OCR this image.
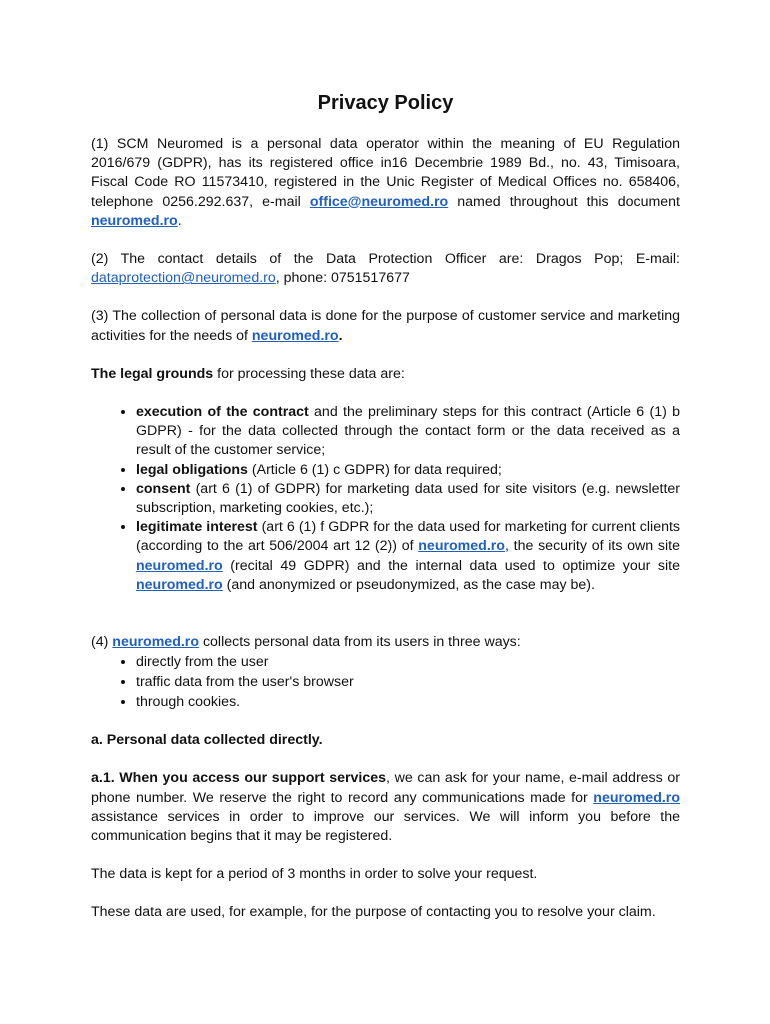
Privacy Policy

(1) SCM Neuromed is a personal data operator within the meaning of EU Regulation 2016/679 (GDPR), has its registered office in16 Decembrie 1989 Bd., no. 43, Timisoara, Fiscal Code RO 11573410, registered in the Unic Register of Medical Offices no. 658406, telephone 0256.292.637, e-mail office@neuromed.ro named throughout this document neuromed.ro.

(2) The contact details of the Data Protection Officer are: Dragos Pop; E-mail: dataprotection@neuromed.ro, phone: 0751517677

(3) The collection of personal data is done for the purpose of customer service and marketing activities for the needs of neuromed.ro.

The legal grounds for processing these data are:

• execution of the contract and the preliminary steps for this contract (Article 6 (1) b GDPR) - for the data collected through the contact form or the data received as a result of the customer service;
• legal obligations (Article 6 (1) c GDPR) for data required;
• consent (art 6 (1) of GDPR) for marketing data used for site visitors (e.g. newsletter subscription, marketing cookies, etc.);
• legitimate interest (art 6 (1) f GDPR for the data used for marketing for current clients (according to the art 506/2004 art 12 (2)) of neuromed.ro, the security of its own site neuromed.ro (recital 49 GDPR) and the internal data used to optimize your site neuromed.ro (and anonymized or pseudonymized, as the case may be).

(4) neuromed.ro collects personal data from its users in three ways:

• directly from the user
• traffic data from the user's browser
• through cookies.

a. Personal data collected directly.

a.1. When you access our support services, we can ask for your name, e-mail address or phone number. We reserve the right to record any communications made for neuromed.ro assistance services in order to improve our services. We will inform you before the communication begins that it may be registered.

The data is kept for a period of 3 months in order to solve your request.

These data are used, for example, for the purpose of contacting you to resolve your claim.
